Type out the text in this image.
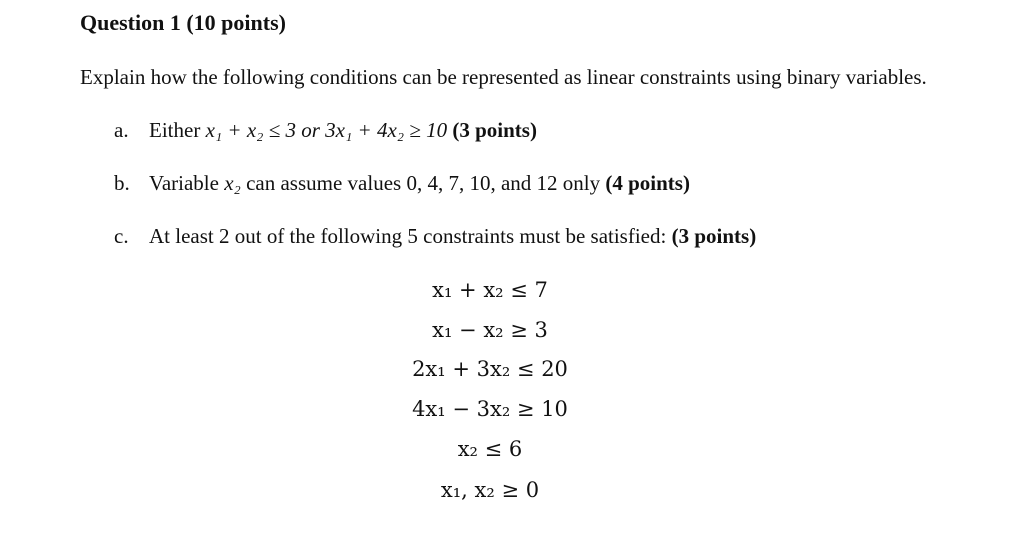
Question 1 (10 points)
Explain how the following conditions can be represented as linear constraints using binary variables.
a. Either x₁ + x₂ ≤ 3 or 3x₁ + 4x₂ ≥ 10 (3 points)
b. Variable x₂ can assume values 0, 4, 7, 10, and 12 only (4 points)
c. At least 2 out of the following 5 constraints must be satisfied: (3 points)
x₁ + x₂ ≤ 7
x₁ − x₂ ≥ 3
2x₁ + 3x₂ ≤ 20
4x₁ − 3x₂ ≥ 10
x₂ ≤ 6
x₁, x₂ ≥ 0
